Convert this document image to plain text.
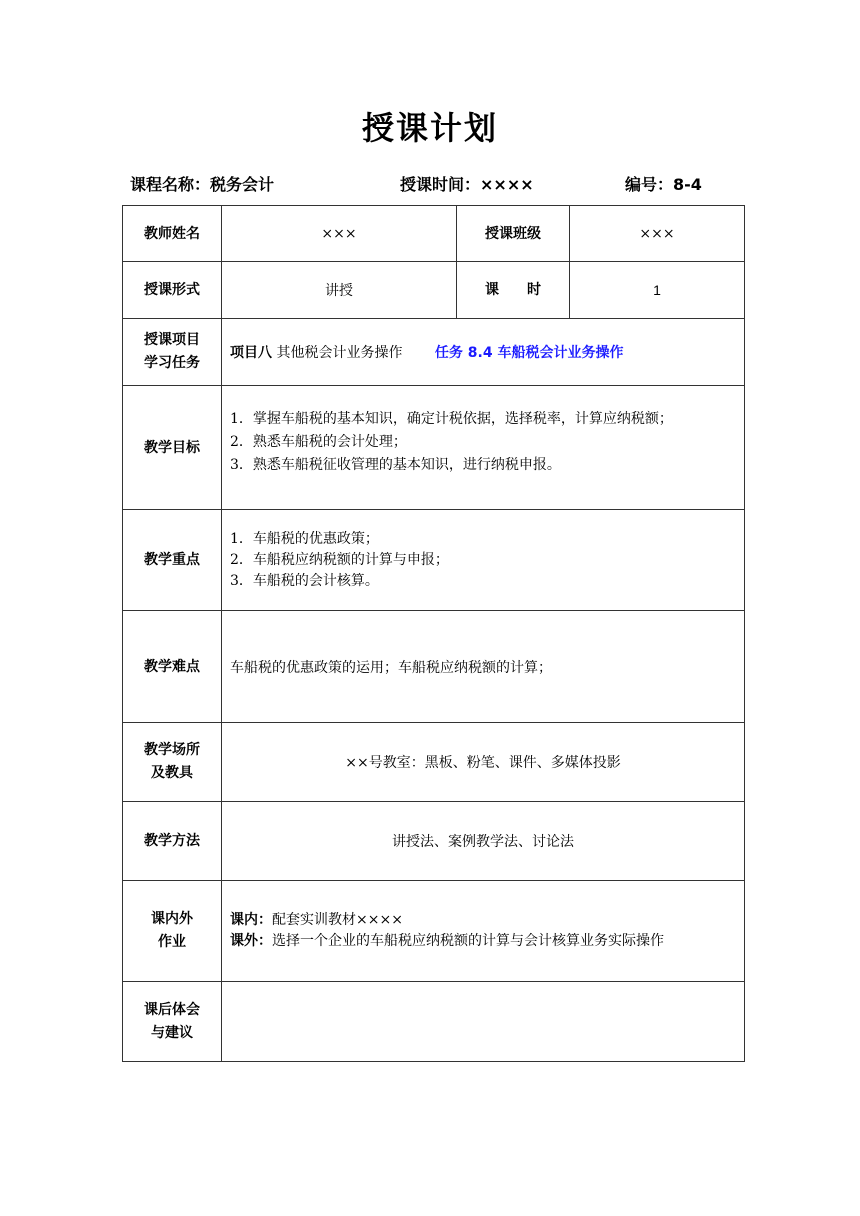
授课计划
课程名称：税务会计	授课时间：××××	编号：8-4
教师姓名	×××	授课班级	×××
授课形式	讲授	课　　时	1

授课项目
学习任务	项目八 其他税会计业务操作 任务 8.4 车船税会计业务操作		
教学目标	1．掌握车船税的基本知识，确定计税依据，选择税率，计算应纳税额；
2．熟悉车船税的会计处理；
3．熟悉车船税征收管理的基本知识，进行纳税申报。		

教学重点	1．车船税的优惠政策；
2．车船税应纳税额的计算与申报；
3．车船税的会计核算。		

教学难点	车船税的优惠政策的运用；车船税应纳税额的计算；		

教学场所
及教具	××号教室：黑板、粉笔、课件、多媒体投影		
教学方法	讲授法、案例教学法、讨论法		

课内外
作业	课内：配套实训教材××××
课外：选择一个企业的车船税应纳税额的计算与会计核算业务实际操作		

课后体会
与建议			
